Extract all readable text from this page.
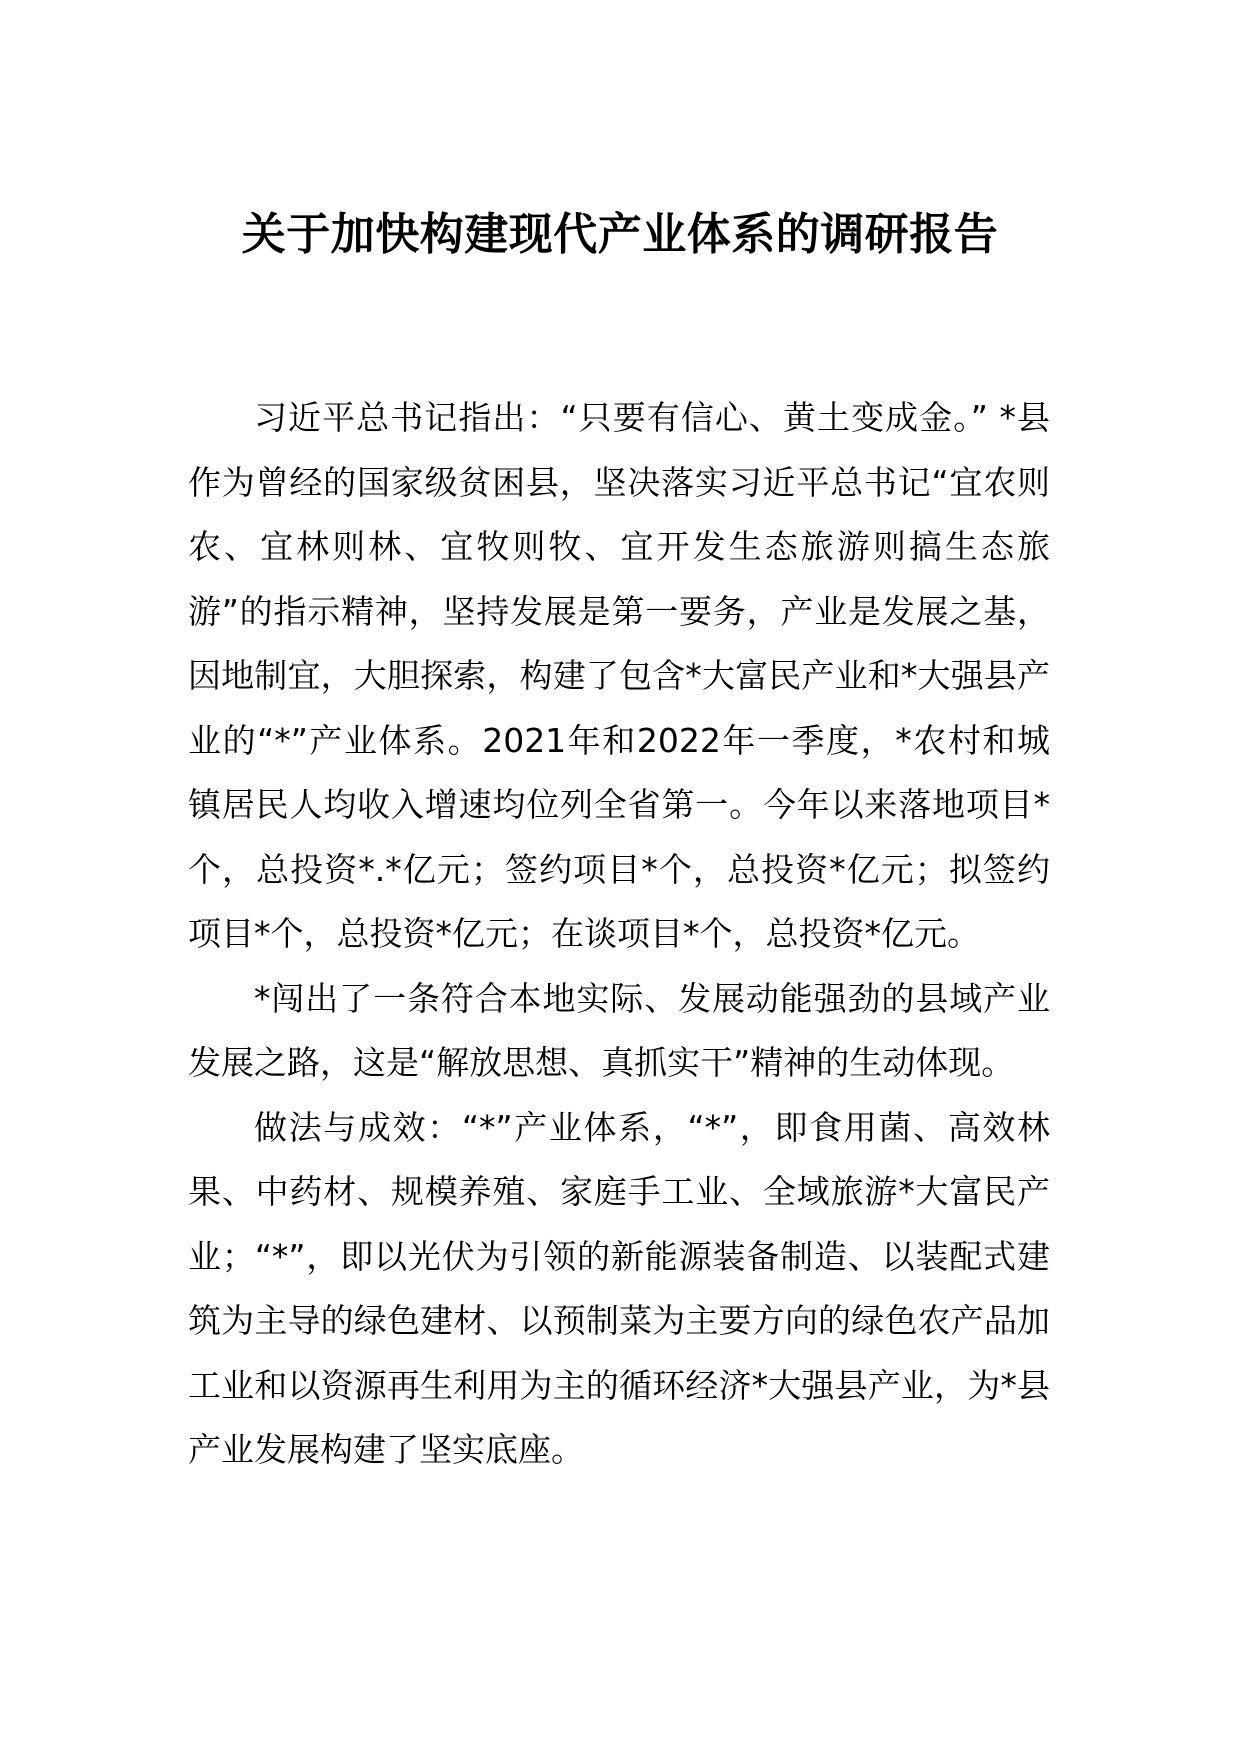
关于加快构建现代产业体系的调研报告

习近平总书记指出：“只要有信心、黄土变成金。” *县作为曾经的国家级贫困县，坚决落实习近平总书记“宜农则农、宜林则林、宜牧则牧、宜开发生态旅游则搞生态旅游”的指示精神，坚持发展是第一要务，产业是发展之基，因地制宜，大胆探索，构建了包含*大富民产业和*大强县产业的“*”产业体系。2021年和2022年一季度，*农村和城镇居民人均收入增速均位列全省第一。今年以来落地项目*个，总投资*.*亿元；签约项目*个，总投资*亿元；拟签约项目*个，总投资*亿元；在谈项目*个，总投资*亿元。

*闯出了一条符合本地实际、发展动能强劲的县域产业发展之路，这是“解放思想、真抓实干”精神的生动体现。

做法与成效：“*”产业体系，“*”，即食用菌、高效林果、中药材、规模养殖、家庭手工业、全域旅游*大富民产业；“*”，即以光伏为引领的新能源装备制造、以装配式建筑为主导的绿色建材、以预制菜为主要方向的绿色农产品加工业和以资源再生利用为主的循环经济*大强县产业，为*县产业发展构建了坚实底座。
